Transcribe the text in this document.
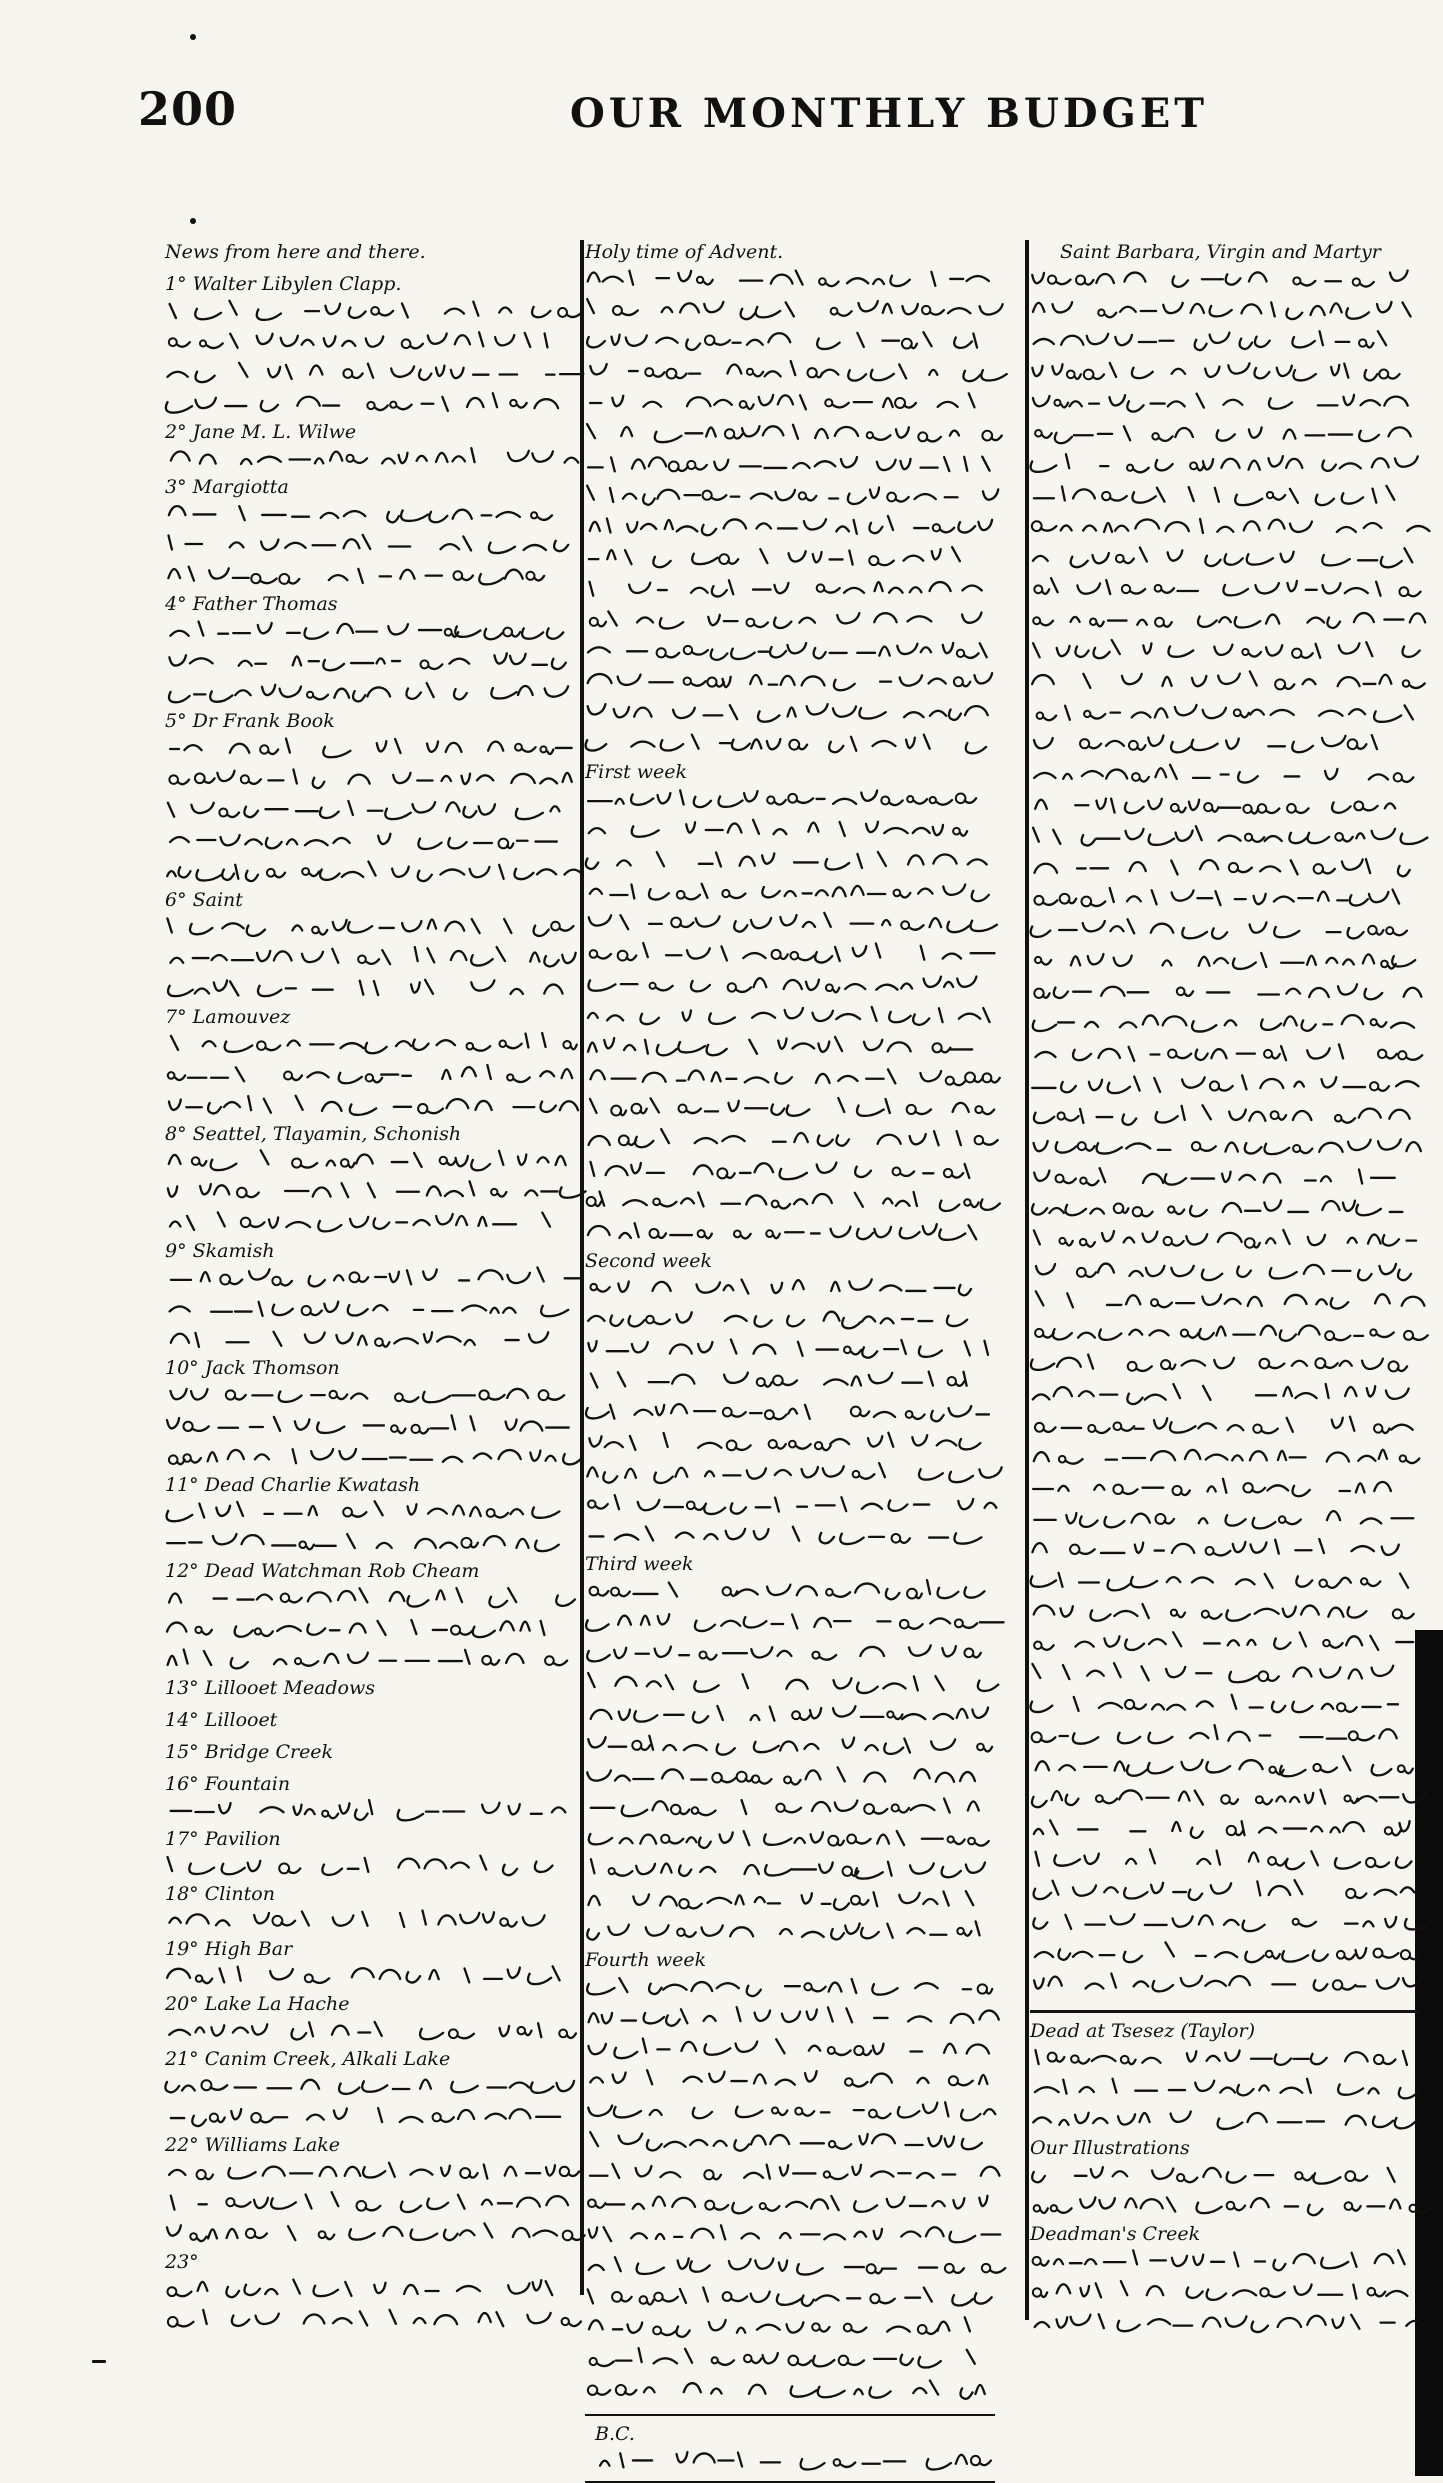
200	OUR MONTHLY BUDGET
News from here and there.
1° Walter Libylen Clapp.
2° Jane M. L. Wilwe
3° Margiotta
4° Father Thomas
5° Dr Frank Book
6° Saint
7° Lamouvez
8° Seattel, Tlayamin, Schonish
9° Skamish
10° Jack Thomson
11° Dead Charlie Kwatash
12° Dead Watchman Rob Cheam
13° Lillooet Meadows
14° Lillooet
15° Bridge Creek
16° Fountain
17° Pavilion
18° Clinton
19° High Bar
20° Lake La Hache
21° Canim Creek, Alkali Lake
22° Williams Lake
23°
Holy time of Advent.
First week
Second week
Third week
Fourth week
B.C.
Saint Barbara, Virgin and Martyr
Dead at Tsesez (Taylor)
Our Illustrations
Deadman's Creek
